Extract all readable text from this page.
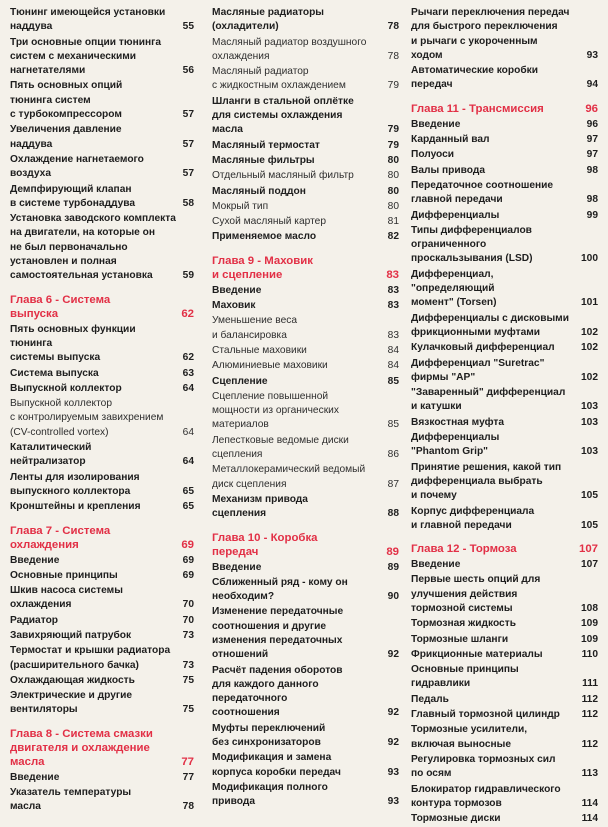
Тюнинг имеющейся установки
наддува	55
Три основные опции тюнинга
систем с механическими
нагнетателями	56
Пять основных опций
тюнинга систем
с турбокомпрессором	57
Увеличения давление
наддува	57
Охлаждение нагнетаемого
воздуха	57
Демпфирующий клапан
в системе турбонаддува	58
Установка заводского комплекта
на двигатели, на которые он
не был первоначально
установлен и полная
самостоятельная установка	59
Глава 6 - Система
выпуска	62
Пять основных функции тюнинга
системы выпуска	62
Система выпуска	63
Выпускной коллектор	64
Выпускной коллектор
с контролируемым завихрением
(CV-controlled vortex)	64
Каталитический
нейтрализатор	64
Ленты для изолирования
выпускного коллектора	65
Кронштейны и крепления	65
Глава 7 - Система
охлаждения	69
Введение	69
Основные принципы	69
Шкив насоса системы
охлаждения	70
Радиатор	70
Завихряющий патрубок	73
Термостат и крышки радиатора
(расширительного бачка)	73
Охлаждающая жидкость	75
Электрические и другие
вентиляторы	75
Глава 8 - Система смазки
двигателя и охлаждение
масла	77
Введение	77
Указатель температуры
масла	78
Масляные радиаторы
(охладители)	78
Масляный радиатор воздушного
охлаждения	78
Масляный радиатор
с жидкостным охлаждением	79
Шланги в стальной оплётке
для системы охлаждения
масла	79
Масляный термостат	79
Масляные фильтры	80
Отдельный масляный фильтр	80
Масляный поддон	80
Мокрый тип	80
Сухой масляный картер	81
Применяемое масло	82
Глава 9 - Маховик
и сцепление	83
Введение	83
Маховик	83
Уменьшение веса
и балансировка	83
Стальные маховики	84
Алюминиевые маховики	84
Сцепление	85
Сцепление повышенной
мощности из органических
материалов	85
Лепестковые ведомые диски
сцепления	86
Металлокерамический ведомый
диск сцепления	87
Механизм привода
сцепления	88
Глава 10 - Коробка
передач	89
Введение	89
Сближенный ряд - кому он
необходим?	90
Изменение передаточные
соотношения и другие
изменения передаточных
отношений	92
Расчёт падения оборотов
для каждого данного
передаточного
соотношения	92
Муфты переключений
без синхронизаторов	92
Модификация и замена
корпуса коробки передач	93
Модификация полного
привода	93
Рычаги переключения передач
для быстрого переключения
и рычаги с укороченным
ходом	93
Автоматические коробки
передач	94
Глава 11 - Трансмиссия	96
Введение	96
Карданный вал	97
Полуоси	97
Валы привода	98
Передаточное соотношение
главной передачи	98
Дифференциалы	99
Типы дифференциалов
ограниченного
проскальзывания (LSD)	100
Дифференциал, "определяющий
момент" (Torsen)	101
Дифференциалы с дисковыми
фрикционными муфтами	102
Кулачковый дифференциал	102
Дифференциал "Suretrac"
фирмы "AP"	102
"Заваренный" дифференциал
и катушки	103
Вязкостная муфта	103
Дифференциалы
"Phantom Grip"	103
Принятие решения, какой тип
дифференциала выбрать
и почему	105
Корпус дифференциала
и главной передачи	105
Глава 12 - Тормоза	107
Введение	107
Первые шесть опций для
улучшения действия
тормозной системы	108
Тормозная жидкость	109
Тормозные шланги	109
Фрикционные материалы	110
Основные принципы
гидравлики	111
Педаль	112
Главный тормозной цилиндр	112
Тормозные усилители,
включая выносные	112
Регулировка тормозных сил
по осям	113
Блокиратор гидравлического
контура тормозов	114
Тормозные диски	114
